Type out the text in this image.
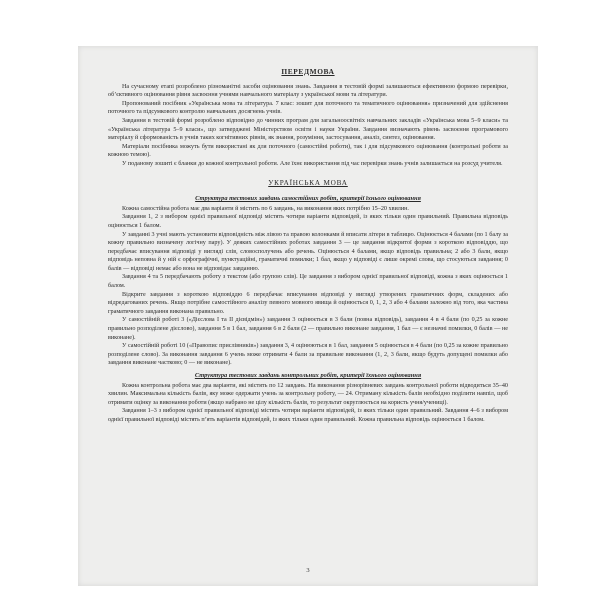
ПЕРЕДМОВА

На сучасному етапі розроблено різноманітні засоби оцінювання знань. Завдання в тестовій формі залишаються ефективною формою перевірки, об’єктивного оцінювання рівня засвоєння учнями навчального матеріалу з української мови та літератури.

Пропонований посібник «Українська мова та література. 7 клас: зошит для поточного та тематичного оцінювання» призначений для здійснення поточного та підсумкового контролю навчальних досягнень учнів.

Завдання в тестовій формі розроблено відповідно до чинних програм для загальноосвітніх навчальних закладів «Українська мова 5–9 класи» та «Українська література 5–9 класи», що затверджені Міністерством освіти і науки України. Завдання визначають рівень засвоєння програмового матеріалу й сформованість в учнів таких когнітивних рівнів, як знання, розуміння, застосування, аналіз, синтез, оцінювання.

Матеріали посібника можуть бути використані як для поточного (самостійні роботи), так і для підсумкового оцінювання (контрольні роботи за кожною темою).

У поданому зошиті є бланки до кожної контрольної роботи. Але їхнє використання під час перевірки знань учнів залишається на розсуд учителя.

УКРАЇНСЬКА МОВА
Структура тестових завдань самостійних робіт, критерії їхнього оцінювання

Кожна самостійна робота має два варіанти й містить по 6 завдань, на виконання яких потрібно 15–20 хвилин.

Завдання 1, 2 з вибором однієї правильної відповіді містять чотири варіанти відповідей, із яких тільки один правильний. Правильна відповідь оцінюється 1 балом.

У завданні 3 учні мають установити відповідність між лівою та правою колонками й вписати літери в таблицю. Оцінюється 4 балами (по 1 балу за кожну правильно визначену логічну пару). У деяких самостійних роботах завдання 3 — це завдання відкритої форми з короткою відповіддю, що передбачає вписування відповіді у вигляді слів, словосполучень або речень. Оцінюється 4 балами, якщо відповідь правильна; 2 або 3 бали, якщо відповідь неповна й у ній є орфографічні, пунктуаційні, граматичні помилки; 1 бал, якщо у відповіді є лише окремі слова, що стосуються завдання; 0 балів — відповіді немає або вона не відповідає завданню.

Завдання 4 та 5 передбачають роботу з текстом (або групою слів). Це завдання з вибором однієї правильної відповіді, кожна з яких оцінюється 1 балом.

Відкрите завдання з короткою відповіддю 6 передбачає вписування відповіді у вигляді утворених граматичних форм, складених або відредагованих речень. Якщо потрібне самостійного аналізу певного мовного явища й оцінюється 0, 1, 2, 3 або 4 балами залежно від того, яка частина граматичного завдання виконана правильно.

У самостійній роботі 3 («Дієслова І та ІІ дієвідмін») завдання 3 оцінюється в 3 бали (повна відповідь), завдання 4 в 4 бали (по 0,25 за кожне правильно розподілене дієслово), завдання 5 в 1 бал, завдання 6 в 2 бали (2 — правильно виконане завдання, 1 бал — є незначні помилки, 0 балів — не виконане).

У самостійній роботі 10 («Правопис прислівників») завдання 3, 4 оцінюються в 1 бал, завдання 5 оцінюється в 4 бали (по 0,25 за кожне правильно розподілене слово). За виконання завдання 6 учень може отримати 4 бали за правильне виконання (1, 2, 3 бали, якщо будуть допущені помилки або завдання виконане частково; 0 — не виконане).

Структура тестових завдань контрольних робіт, критерії їхнього оцінювання

Кожна контрольна робота має два варіанти, які містять по 12 завдань. На виконання різнорівневих завдань контрольної роботи відводиться 35–40 хвилин. Максимальна кількість балів, яку може одержати учень за контрольну роботу, — 24. Отриману кількість балів необхідно поділити навпіл, щоб отримати оцінку за виконання роботи (якщо набрано не цілу кількість балів, то результат округлюється на користь учня/учениці).

Завдання 1–3 з вибором однієї правильної відповіді містять чотири варіанти відповідей, із яких тільки один правильний. Завдання 4–6 з вибором однієї правильної відповіді містять п’ять варіантів відповідей, із яких тільки один правильний. Кожна правильна відповідь оцінюється 1 балом.

3
